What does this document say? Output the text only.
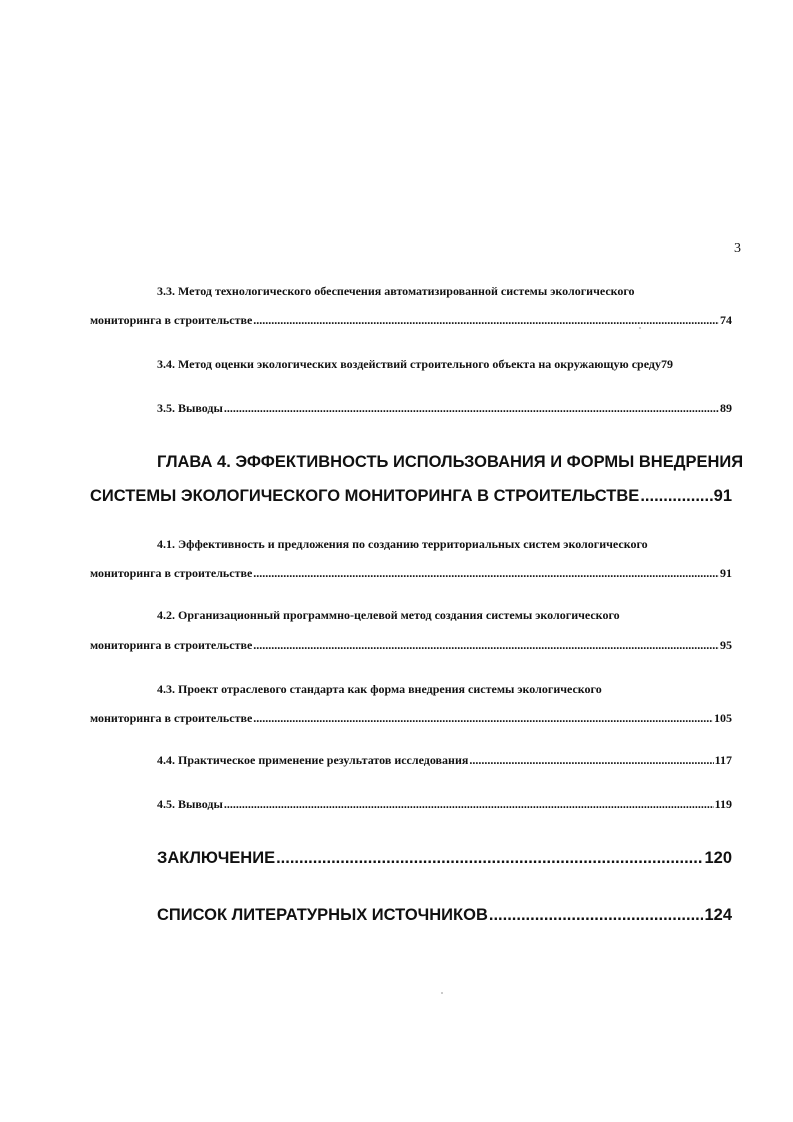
3
3.3. Метод технологического обеспечения автоматизированной системы экологического
мониторинга в строительстве .....	74
3.4. Метод оценки экологических воздействий строительного объекта на окружающую среду 79
3.5. Выводы .....	89
ГЛАВА 4. ЭФФЕКТИВНОСТЬ ИСПОЛЬЗОВАНИЯ И ФОРМЫ ВНЕДРЕНИЯ
СИСТЕМЫ ЭКОЛОГИЧЕСКОГО МОНИТОРИНГА В СТРОИТЕЛЬСТВЕ .....	91
4.1. Эффективность и предложения по созданию территориальных систем экологического
мониторинга в строительстве .....	91
4.2. Организационный программно-целевой метод создания системы экологического
мониторинга в строительстве .....	95
4.3. Проект отраслевого стандарта как форма внедрения системы экологического
мониторинга в строительстве .....	105
4.4. Практическое применение результатов исследования .....	117
4.5. Выводы .....	119
ЗАКЛЮЧЕНИЕ .....	120
СПИСОК ЛИТЕРАТУРНЫХ ИСТОЧНИКОВ .....	124
